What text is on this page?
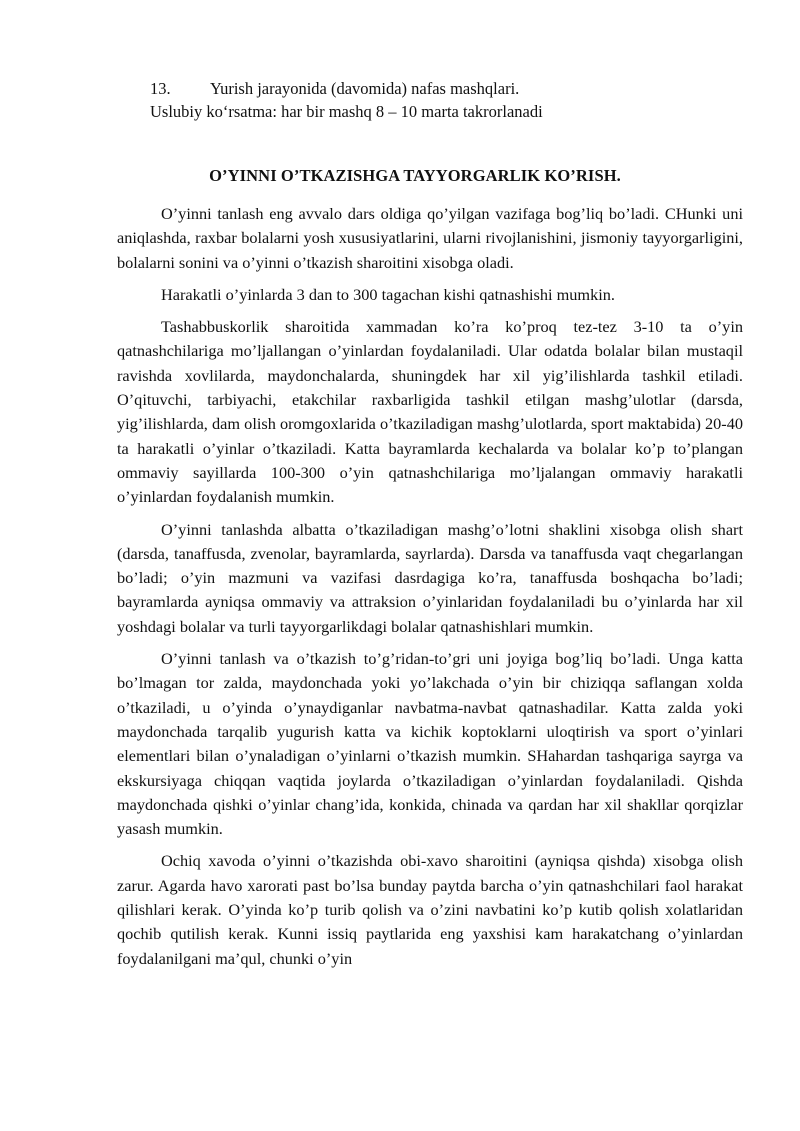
13.	Yurish jarayonida (davomida) nafas mashqlari.
Uslubiy ko‘rsatma: har bir mashq 8 – 10 marta takrorlanadi
O’YINNI O’TKAZISHGA TAYYORGARLIK KO’RISH.

O’yinni tanlash eng avvalo dars oldiga qo’yilgan vazifaga bog’liq bo’ladi. CHunki uni aniqlashda, raxbar bolalarni yosh xususiyatlarini, ularni rivojlanishini, jismoniy tayyorgarligini, bolalarni sonini va o’yinni o’tkazish sharoitini xisobga oladi.

Harakatli o’yinlarda 3 dan to 300 tagachan kishi qatnashishi mumkin.

Tashabbuskorlik sharoitida xammadan ko’ra ko’proq tez-tez 3-10 ta o’yin qatnashchilariga mo’ljallangan o’yinlardan foydalaniladi. Ular odatda bolalar bilan mustaqil ravishda xovlilarda, maydonchalarda, shuningdek har xil yig’ilishlarda tashkil etiladi. O’qituvchi, tarbiyachi, etakchilar raxbarligida tashkil etilgan mashg’ulotlar (darsda, yig’ilishlarda, dam olish oromgoxlarida o’tkaziladigan mashg’ulotlarda, sport maktabida) 20-40 ta harakatli o’yinlar o’tkaziladi. Katta bayramlarda kechalarda va bolalar ko’p to’plangan ommaviy sayillarda 100-300 o’yin qatnashchilariga mo’ljalangan ommaviy harakatli o’yinlardan foydalanish mumkin.

O’yinni tanlashda albatta o’tkaziladigan mashg’o’lotni shaklini xisobga olish shart (darsda, tanaffusda, zvenolar, bayramlarda, sayrlarda). Darsda va tanaffusda vaqt chegarlangan bo’ladi; o’yin mazmuni va vazifasi dasrdagiga ko’ra, tanaffusda boshqacha bo’ladi; bayramlarda ayniqsa ommaviy va attraksion o’yinlaridan foydalaniladi bu o’yinlarda har xil yoshdagi bolalar va turli tayyorgarlikdagi bolalar qatnashishlari mumkin.

O’yinni tanlash va o’tkazish to’g’ridan-to’gri uni joyiga bog’liq bo’ladi. Unga katta bo’lmagan tor zalda, maydonchada yoki yo’lakchada o’yin bir chiziqqa saflangan xolda o’tkaziladi, u o’yinda o’ynaydiganlar navbatma-navbat qatnashadilar. Katta zalda yoki maydonchada tarqalib yugurish katta va kichik koptoklarni uloqtirish va sport o’yinlari elementlari bilan o’ynaladigan o’yinlarni o’tkazish mumkin. SHahardan tashqariga sayrga va ekskursiyaga chiqqan vaqtida joylarda o’tkaziladigan o’yinlardan foydalaniladi. Qishda maydonchada qishki o’yinlar chang’ida, konkida, chinada va qardan har xil shakllar qorqizlar yasash mumkin.

Ochiq xavoda o’yinni o’tkazishda obi-xavo sharoitini (ayniqsa qishda) xisobga olish zarur. Agarda havo xarorati past bo’lsa bunday paytda barcha o’yin qatnashchilari faol harakat qilishlari kerak. O’yinda ko’p turib qolish va o’zini navbatini ko’p kutib qolish xolatlaridan qochib qutilish kerak. Kunni issiq paytlarida eng yaxshisi kam harakatchang o’yinlardan foydalanilgani ma’qul, chunki o’yin
